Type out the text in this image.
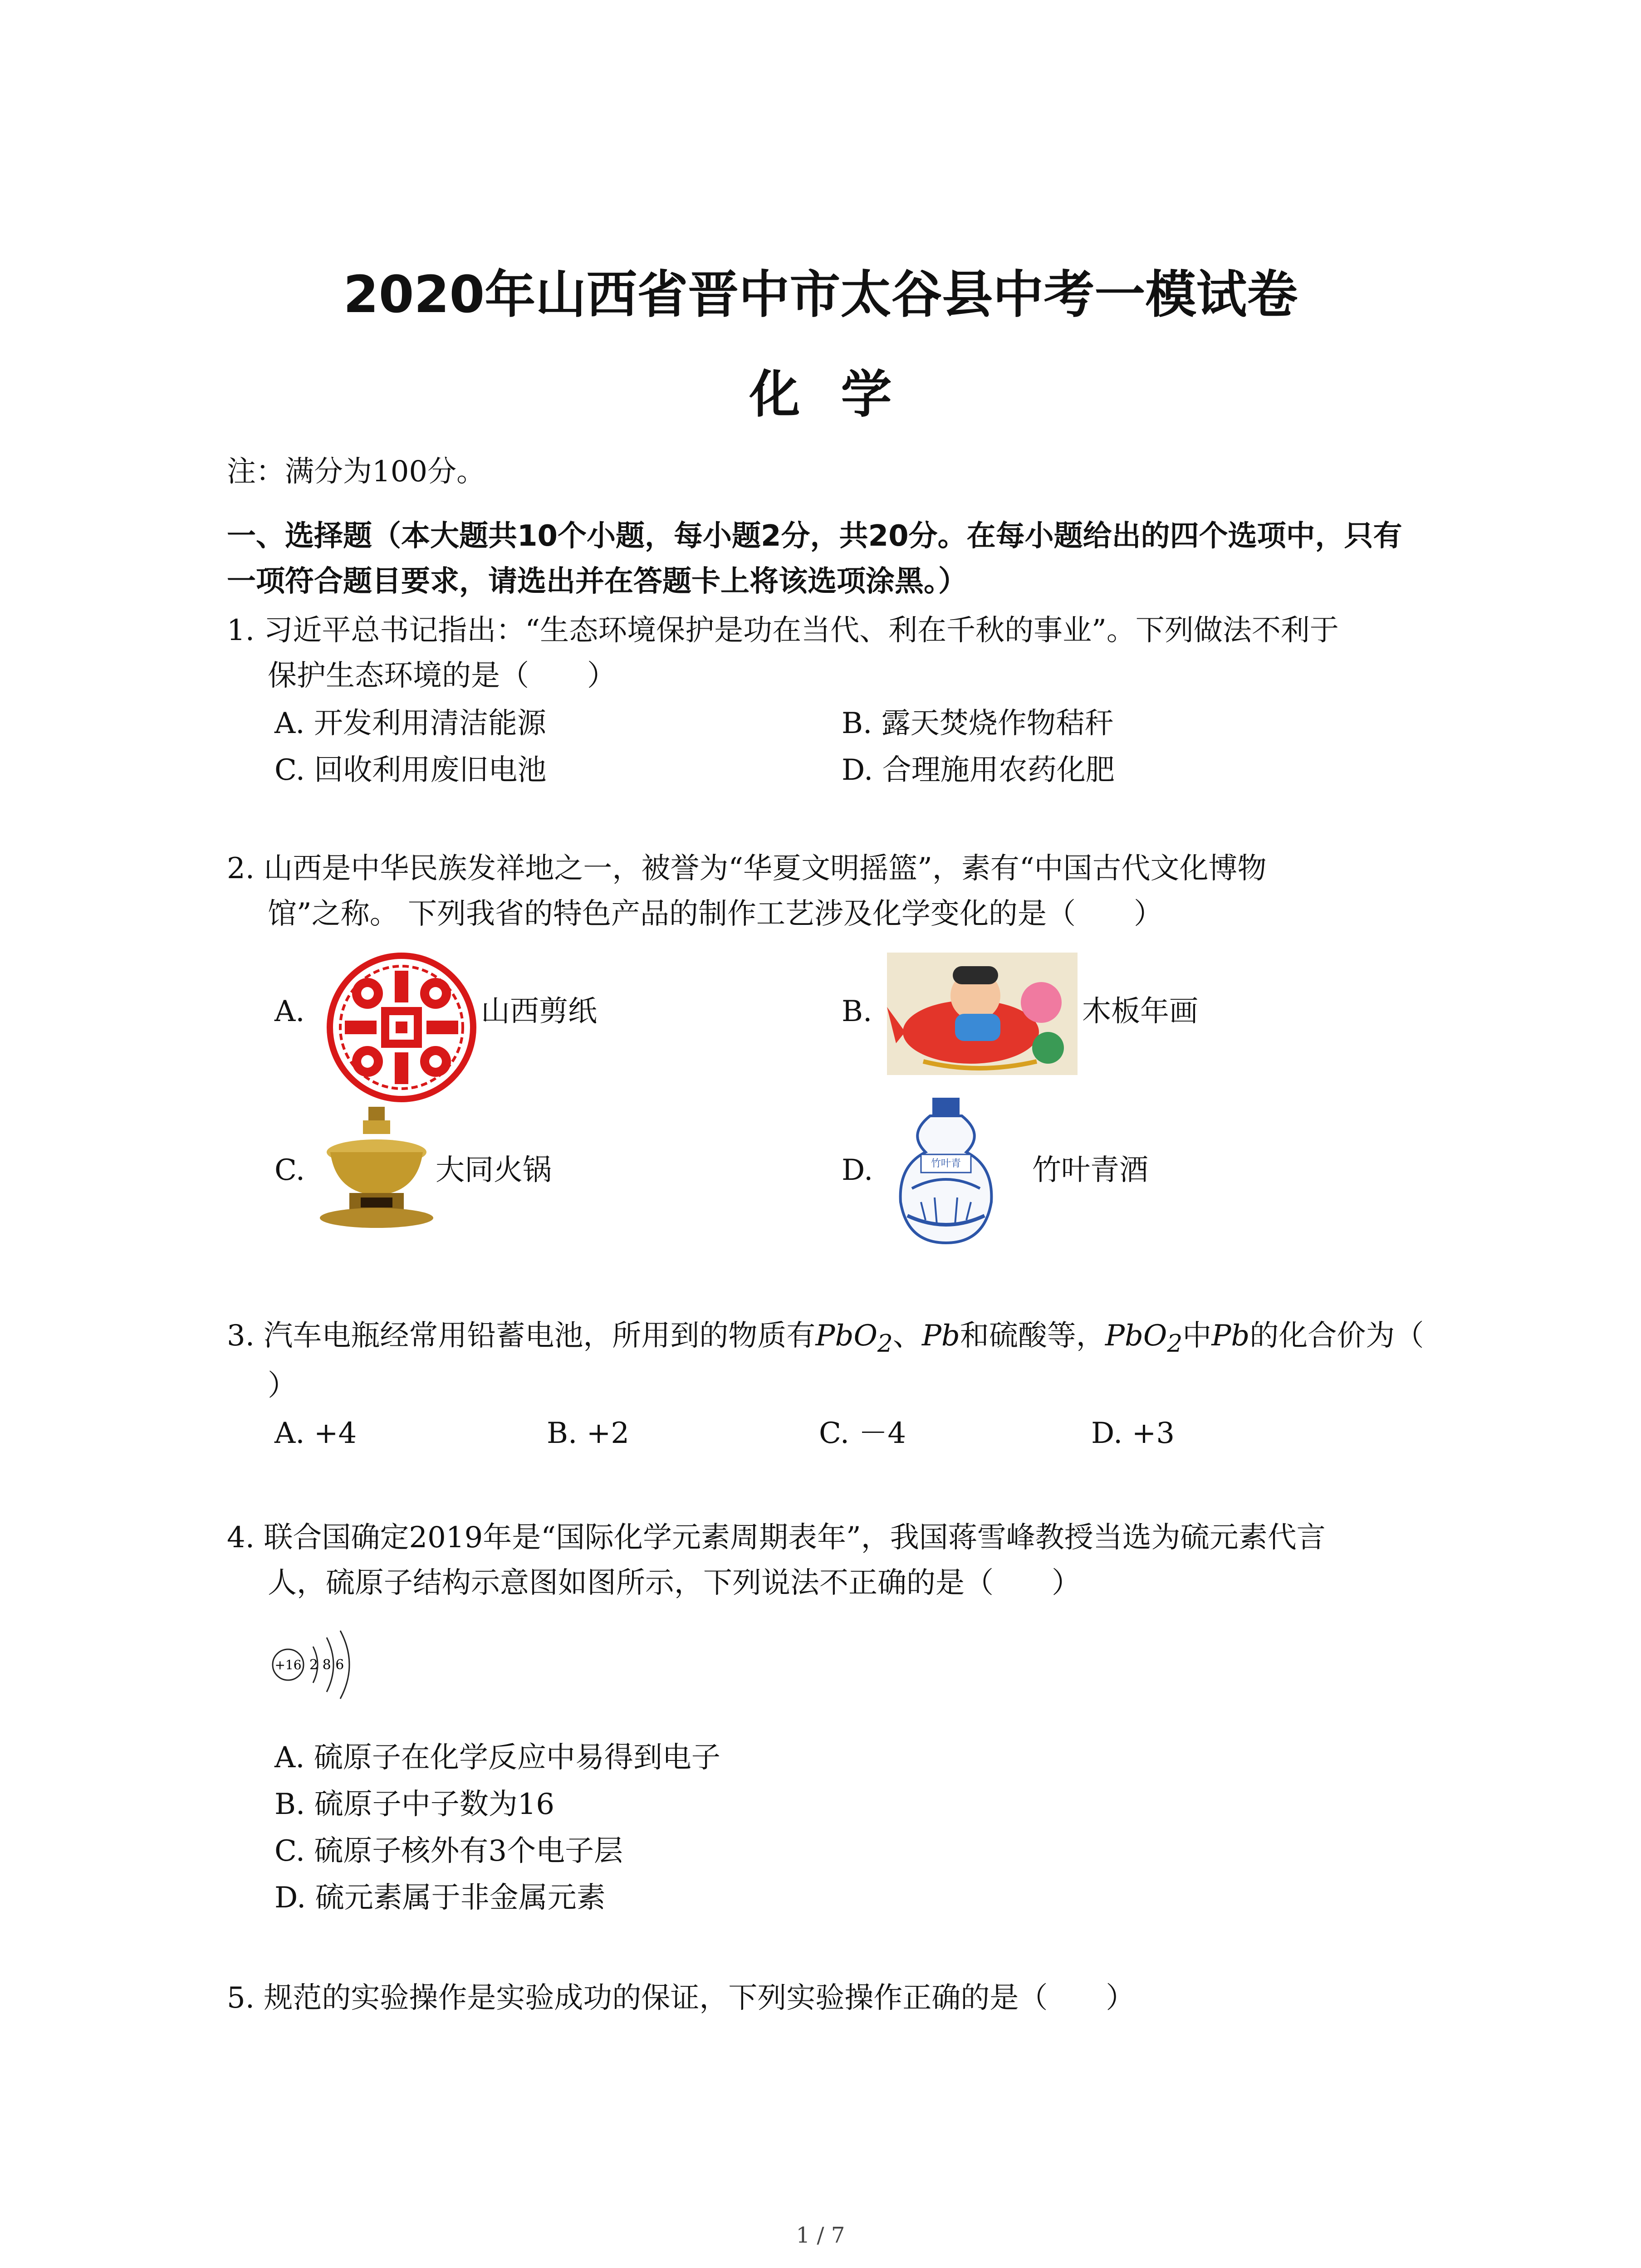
2020年山西省晋中市太谷县中考一模试卷
化学
注：满分为100分。
一、选择题（本大题共10个小题，每小题2分，共20分。在每小题给出的四个选项中，只有
一项符合题目要求，请选出并在答题卡上将该选项涂黑。）
1. 习近平总书记指出：“生态环境保护是功在当代、利在千秋的事业”。下列做法不利于
保护生态环境的是（　　）
A. 开发利用清洁能源	B. 露天焚烧作物秸秆
C. 回收利用废旧电池	D. 合理施用农药化肥
2. 山西是中华民族发祥地之一，被誉为“华夏文明摇篮”，素有“中国古代文化博物
馆”之称。 下列我省的特色产品的制作工艺涉及化学变化的是（　　）
A.	山西剪纸	B.	木板年画
C.	大同火锅	D.	竹叶青 竹叶青酒
3. 汽车电瓶经常用铅蓄电池，所用到的物质有PbO$_2$、Pb和硫酸等，PbO$_2$中Pb的化合价为（
）
A. +4	B. +2	C. －4	D. +3
4. 联合国确定2019年是“国际化学元素周期表年”，我国蒋雪峰教授当选为硫元素代言
人，硫原子结构示意图如图所示，下列说法不正确的是（　　）
+16 2 8 6
A. 硫原子在化学反应中易得到电子
B. 硫原子中子数为16
C. 硫原子核外有3个电子层
D. 硫元素属于非金属元素
5. 规范的实验操作是实验成功的保证，下列实验操作正确的是（　　）
1 / 7
